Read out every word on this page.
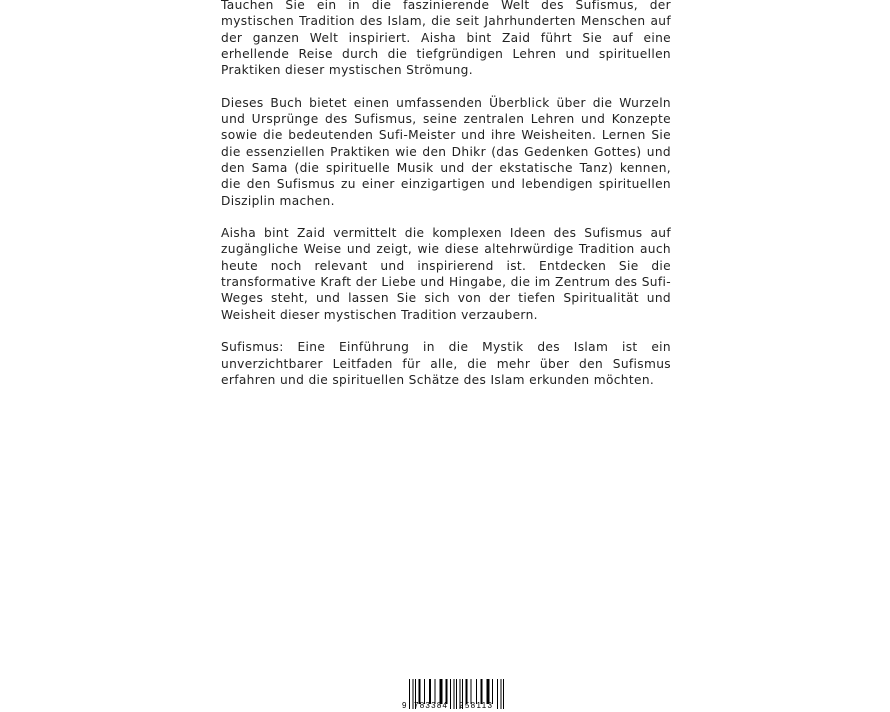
Tauchen Sie ein in die faszinierende Welt des Sufismus, der mystischen Tradition des Islam, die seit Jahrhunderten Menschen auf der ganzen Welt inspiriert. Aisha bint Zaid führt Sie auf eine erhellende Reise durch die tiefgründigen Lehren und spirituellen Praktiken dieser mystischen Strömung.

Dieses Buch bietet einen umfassenden Überblick über die Wurzeln und Ursprünge des Sufismus, seine zentralen Lehren und Konzepte sowie die bedeutenden Sufi-Meister und ihre Weisheiten. Lernen Sie die essenziellen Praktiken wie den Dhikr (das Gedenken Gottes) und den Sama (die spirituelle Musik und der ekstatische Tanz) kennen, die den Sufismus zu einer einzigartigen und lebendigen spirituellen Disziplin machen.

Aisha bint Zaid vermittelt die komplexen Ideen des Sufismus auf zugängliche Weise und zeigt, wie diese altehrwürdige Tradition auch heute noch relevant und inspirierend ist. Entdecken Sie die transformative Kraft der Liebe und Hingabe, die im Zentrum des Sufi-Weges steht, und lassen Sie sich von der tiefen Spiritualität und Weisheit dieser mystischen Tradition verzaubern.

Sufismus: Eine Einführung in die Mystik des Islam ist ein unverzichtbarer Leitfaden für alle, die mehr über den Sufismus erfahren und die spirituellen Schätze des Islam erkunden möchten.

9 783384 258113
